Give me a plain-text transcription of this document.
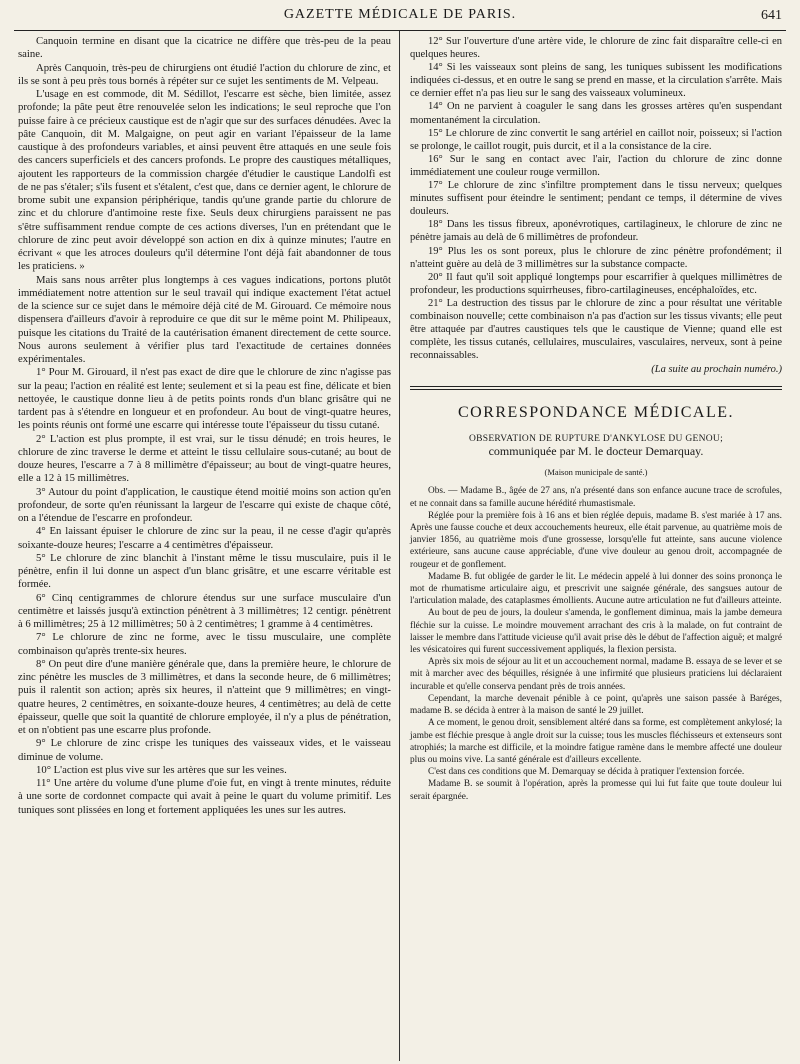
GAZETTE MÉDICALE DE PARIS.	641

Canquoin termine en disant que la cicatrice ne diffère que très-peu de la peau saine.

Après Canquoin, très-peu de chirurgiens ont étudié l'action du chlorure de zinc, et ils se sont à peu près tous bornés à répéter sur ce sujet les sentiments de M. Velpeau.

L'usage en est commode, dit M. Sédillot, l'escarre est sèche, bien limitée, assez profonde; la pâte peut être renouvelée selon les indications; le seul reproche que l'on puisse faire à ce précieux caustique est de n'agir que sur des surfaces dénudées. Avec la pâte Canquoin, dit M. Malgaigne, on peut agir en variant l'épaisseur de la lame caustique à des profondeurs variables, et ainsi peuvent être attaqués en une seule fois des cancers superficiels et des cancers profonds. Le propre des caustiques métalliques, ajoutent les rapporteurs de la commission chargée d'étudier le caustique Landolfi est de ne pas s'étaler; s'ils fusent et s'étalent, c'est que, dans ce dernier agent, le chlorure de brome subit une expansion périphérique, tandis qu'une grande partie du chlorure de zinc et du chlorure d'antimoine reste fixe. Seuls deux chirurgiens paraissent ne pas s'être suffisamment rendue compte de ces actions diverses, l'un en prétendant que le chlorure de zinc peut avoir développé son action en dix à quinze minutes; l'autre en écrivant « que les atroces douleurs qu'il détermine l'ont déjà fait abandonner de tous les praticiens. »

Mais sans nous arrêter plus longtemps à ces vagues indications, portons plutôt immédiatement notre attention sur le seul travail qui indique exactement l'état actuel de la science sur ce sujet dans le mémoire déjà cité de M. Girouard. Ce mémoire nous dispensera d'ailleurs d'avoir à reproduire ce que dit sur le même point M. Philipeaux, puisque les citations du Traité de la cautérisation émanent directement de cette source. Nous aurons seulement à vérifier plus tard l'exactitude de certaines données expérimentales.

1° Pour M. Girouard, il n'est pas exact de dire que le chlorure de zinc n'agisse pas sur la peau; l'action en réalité est lente; seulement et si la peau est fine, délicate et bien nettoyée, le caustique donne lieu à de petits points ronds d'un blanc grisâtre qui ne tardent pas à s'étendre en longueur et en profondeur. Au bout de vingt-quatre heures, les points réunis ont formé une escarre qui intéresse toute l'épaisseur du tissu cutané.

2° L'action est plus prompte, il est vrai, sur le tissu dénudé; en trois heures, le chlorure de zinc traverse le derme et atteint le tissu cellulaire sous-cutané; au bout de douze heures, l'escarre a 7 à 8 millimètre d'épaisseur; au bout de vingt-quatre heures, elle a 12 à 15 millimètres.

3° Autour du point d'application, le caustique étend moitié moins son action qu'en profondeur, de sorte qu'en réunissant la largeur de l'escarre qui existe de chaque côté, on a l'étendue de l'escarre en profondeur.

4° En laissant épuiser le chlorure de zinc sur la peau, il ne cesse d'agir qu'après soixante-douze heures; l'escarre a 4 centimètres d'épaisseur.

5° Le chlorure de zinc blanchit à l'instant même le tissu musculaire, puis il le pénètre, enfin il lui donne un aspect d'un blanc grisâtre, et une escarre véritable est formée.

6° Cinq centigrammes de chlorure étendus sur une surface musculaire d'un centimètre et laissés jusqu'à extinction pénètrent à 3 millimètres; 12 centigr. pénètrent à 6 millimètres; 25 à 12 millimètres; 50 à 2 centimètres; 1 gramme à 4 centimètres.

7° Le chlorure de zinc ne forme, avec le tissu musculaire, une complète combinaison qu'après trente-six heures.

8° On peut dire d'une manière générale que, dans la première heure, le chlorure de zinc pénètre les muscles de 3 millimètres, et dans la seconde heure, de 6 millimètres; puis il ralentit son action; après six heures, il n'atteint que 9 millimètres; en vingt-quatre heures, 2 centimètres, en soixante-douze heures, 4 centimètres; au delà de cette épaisseur, quelle que soit la quantité de chlorure employée, il n'y a plus de pénétration, et on n'obtient pas une escarre plus profonde.

9° Le chlorure de zinc crispe les tuniques des vaisseaux vides, et le vaisseau diminue de volume.

10° L'action est plus vive sur les artères que sur les veines.

11° Une artère du volume d'une plume d'oie fut, en vingt à trente minutes, réduite à une sorte de cordonnet compacte qui avait à peine le quart du volume primitif. Les tuniques sont plissées en long et fortement appliquées les unes sur les autres.

12° Sur l'ouverture d'une artère vide, le chlorure de zinc fait disparaître celle-ci en quelques heures.

14° Si les vaisseaux sont pleins de sang, les tuniques subissent les modifications indiquées ci-dessus, et en outre le sang se prend en masse, et la circulation s'arrête. Mais ce dernier effet n'a pas lieu sur le sang des vaisseaux volumineux.

14° On ne parvient à coaguler le sang dans les grosses artères qu'en suspendant momentanément la circulation.

15° Le chlorure de zinc convertit le sang artériel en caillot noir, poisseux; si l'action se prolonge, le caillot rougit, puis durcit, et il a la consistance de la cire.

16° Sur le sang en contact avec l'air, l'action du chlorure de zinc donne immédiatement une couleur rouge vermillon.

17° Le chlorure de zinc s'infiltre promptement dans le tissu nerveux; quelques minutes suffisent pour éteindre le sentiment; pendant ce temps, il détermine de vives douleurs.

18° Dans les tissus fibreux, aponévrotiques, cartilagineux, le chlorure de zinc ne pénètre jamais au delà de 6 millimètres de profondeur.

19° Plus les os sont poreux, plus le chlorure de zinc pénètre profondément; il n'atteint guère au delà de 3 millimètres sur la substance compacte.

20° Il faut qu'il soit appliqué longtemps pour escarrifier à quelques millimètres de profondeur, les productions squirrheuses, fibro-cartilagineuses, encéphaloïdes, etc.

21° La destruction des tissus par le chlorure de zinc a pour résultat une véritable combinaison nouvelle; cette combinaison n'a pas d'action sur les tissus vivants; elle peut être attaquée par d'autres caustiques tels que le caustique de Vienne; quand elle est complète, les tissus cutanés, cellulaires, musculaires, vasculaires, nerveux, sont à peine reconnaissables.

(La suite au prochain numéro.)

CORRESPONDANCE MÉDICALE.
OBSERVATION DE RUPTURE D'ANKYLOSE DU GENOU;
communiquée par M. le docteur Demarquay.
(Maison municipale de santé.)

Obs. — Madame B., âgée de 27 ans, n'a présenté dans son enfance aucune trace de scrofules, et ne connait dans sa famille aucune hérédité rhumastismale.

Réglée pour la première fois à 16 ans et bien réglée depuis, madame B. s'est mariée à 17 ans. Après une fausse couche et deux accouchements heureux, elle était parvenue, au quatrième mois de janvier 1856, au quatrième mois d'une grossesse, lorsqu'elle fut atteinte, sans aucune violence extérieure, sans aucune cause appréciable, d'une vive douleur au genou droit, accompagnée de rougeur et de gonflement.

Madame B. fut obligée de garder le lit. Le médecin appelé à lui donner des soins prononça le mot de rhumatisme articulaire aigu, et prescrivit une saignée générale, des sangsues autour de l'articulation malade, des cataplasmes émollients. Aucune autre articulation ne fut d'ailleurs atteinte.

Au bout de peu de jours, la douleur s'amenda, le gonflement diminua, mais la jambe demeura fléchie sur la cuisse. Le moindre mouvement arrachant des cris à la malade, on fut contraint de laisser le membre dans l'attitude vicieuse qu'il avait prise dès le début de l'affection aiguë; et malgré les vésicatoires qui furent successivement appliqués, la flexion persista.

Après six mois de séjour au lit et un accouchement normal, madame B. essaya de se lever et se mit à marcher avec des béquilles, résignée à une infirmité que plusieurs praticiens lui déclaraient incurable et qu'elle conserva pendant près de trois années.

Cependant, la marche devenait pénible à ce point, qu'après une saison passée à Baréges, madame B. se décida à entrer à la maison de santé le 29 juillet.

A ce moment, le genou droit, sensiblement altéré dans sa forme, est complètement ankylosé; la jambe est fléchie presque à angle droit sur la cuisse; tous les muscles fléchisseurs et extenseurs sont atrophiés; la marche est difficile, et la moindre fatigue ramène dans le membre affecté une douleur plus ou moins vive. La santé générale est d'ailleurs excellente.

C'est dans ces conditions que M. Demarquay se décida à pratiquer l'extension forcée.

Madame B. se soumit à l'opération, après la promesse qui lui fut faite que toute douleur lui serait épargnée.
